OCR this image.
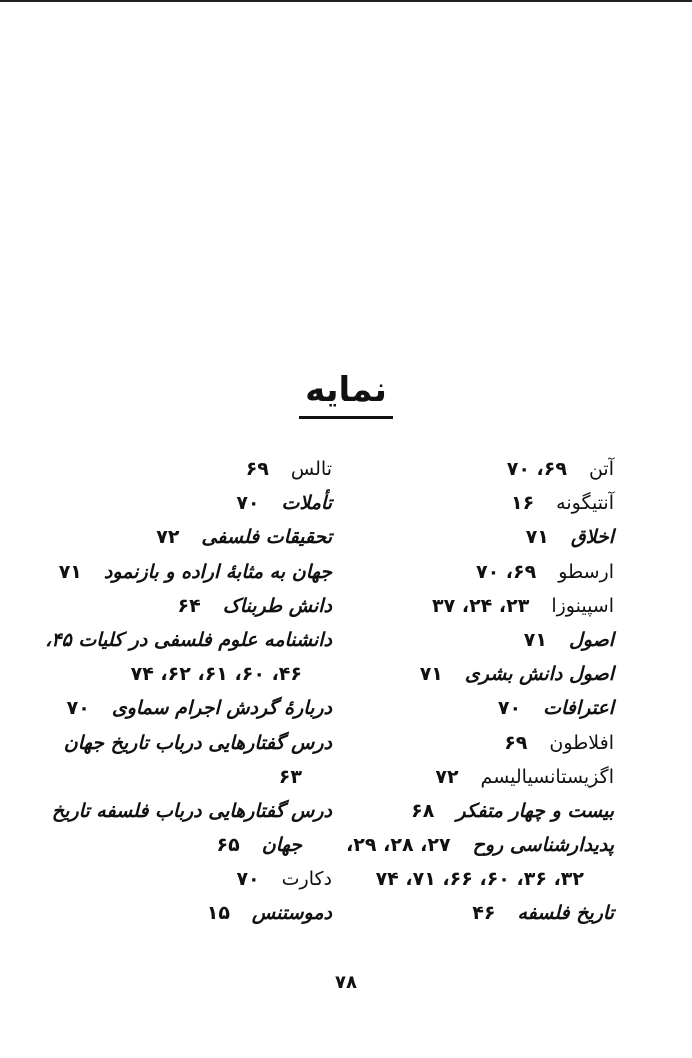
نمايه
آتن۶۹، ۷۰
آنتيگونه۱۶
اخلاق۷۱
ارسطو۶۹، ۷۰
اسپينوزا۲۳، ۲۴، ۳۷
اصول۷۱
اصول دانش بشری۷۱
اعترافات۷۰
افلاطون۶۹
اگزيستانسياليسم۷۲
بيست و چهار متفکر۶۸
پديدارشناسی روح۲۷، ۲۸، ۲۹،
۳۲، ۳۶، ۶۰، ۶۶، ۷۱، ۷۴
تاريخ فلسفه۴۶
تالس۶۹
تأملات۷۰
تحقيقات فلسفی۷۲
جهان به مثابهٔ اراده و بازنمود۷۱
دانش طربناک۶۴
دانشنامه علوم فلسفی در کليات ۴۵،
۴۶، ۶۰، ۶۱، ۶۲، ۷۴
دربارهٔ گردش اجرام سماوی۷۰
درس گفتارهايی درباب تاريخ جهان
۶۳
درس گفتارهايی درباب فلسفه تاريخ
جهان۶۵
دکارت۷۰
دموستنس۱۵
۷۸
